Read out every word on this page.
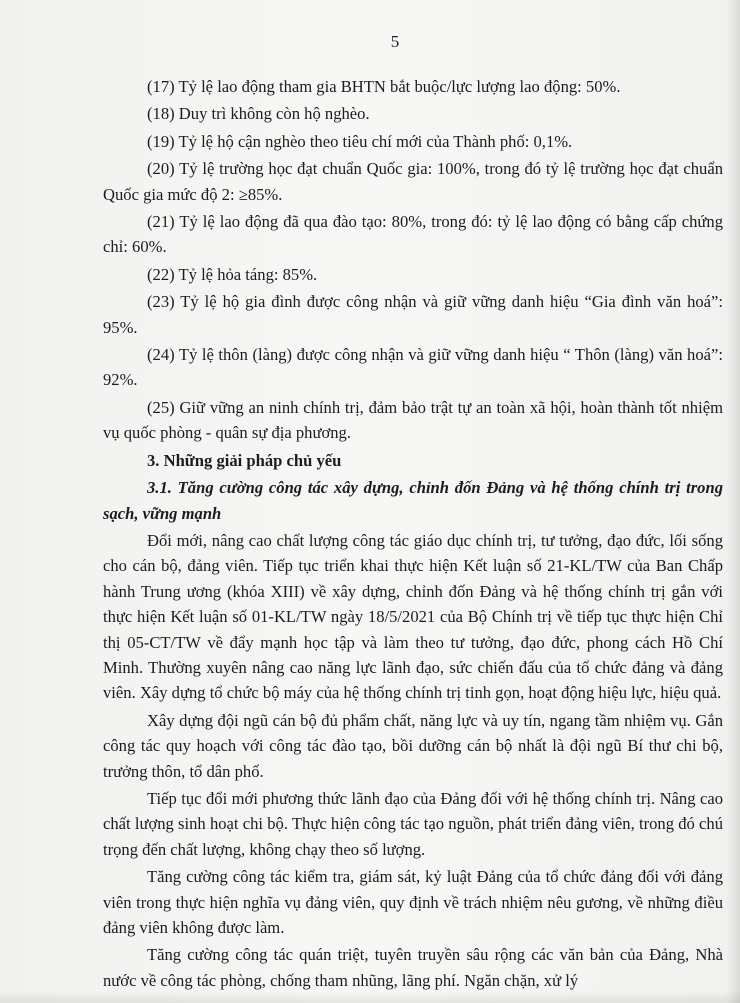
5

(17) Tỷ lệ lao động tham gia BHTN bắt buộc/lực lượng lao động: 50%.

(18) Duy trì không còn hộ nghèo.

(19) Tỷ lệ hộ cận nghèo theo tiêu chí mới của Thành phố: 0,1%.

(20) Tỷ lệ trường học đạt chuẩn Quốc gia: 100%, trong đó tỷ lệ trường học đạt chuẩn Quốc gia mức độ 2: ≥85%.

(21) Tỷ lệ lao động đã qua đào tạo: 80%, trong đó: tỷ lệ lao động có bằng cấp chứng chỉ: 60%.

(22) Tỷ lệ hỏa táng: 85%.

(23) Tỷ lệ hộ gia đình được công nhận và giữ vững danh hiệu “Gia đình văn hoá”: 95%.

(24) Tỷ lệ thôn (làng) được công nhận và giữ vững danh hiệu “ Thôn (làng) văn hoá”: 92%.

(25) Giữ vững an ninh chính trị, đảm bảo trật tự an toàn xã hội, hoàn thành tốt nhiệm vụ quốc phòng - quân sự địa phương.

3. Những giải pháp chủ yếu

3.1. Tăng cường công tác xây dựng, chỉnh đốn Đảng và hệ thống chính trị trong sạch, vững mạnh

Đổi mới, nâng cao chất lượng công tác giáo dục chính trị, tư tưởng, đạo đức, lối sống cho cán bộ, đảng viên. Tiếp tục triển khai thực hiện Kết luận số 21-KL/TW của Ban Chấp hành Trung ương (khóa XIII) về xây dựng, chỉnh đốn Đảng và hệ thống chính trị gắn với thực hiện Kết luận số 01-KL/TW ngày 18/5/2021 của Bộ Chính trị về tiếp tục thực hiện Chỉ thị 05-CT/TW về đẩy mạnh học tập và làm theo tư tưởng, đạo đức, phong cách Hồ Chí Minh. Thường xuyên nâng cao năng lực lãnh đạo, sức chiến đấu của tổ chức đảng và đảng viên. Xây dựng tổ chức bộ máy của hệ thống chính trị tinh gọn, hoạt động hiệu lực, hiệu quả.

Xây dựng đội ngũ cán bộ đủ phẩm chất, năng lực và uy tín, ngang tầm nhiệm vụ. Gắn công tác quy hoạch với công tác đào tạo, bồi dưỡng cán bộ nhất là đội ngũ Bí thư chi bộ, trưởng thôn, tổ dân phố.

Tiếp tục đổi mới phương thức lãnh đạo của Đảng đối với hệ thống chính trị. Nâng cao chất lượng sinh hoạt chi bộ. Thực hiện công tác tạo nguồn, phát triển đảng viên, trong đó chú trọng đến chất lượng, không chạy theo số lượng.

Tăng cường công tác kiểm tra, giám sát, kỷ luật Đảng của tổ chức đảng đối với đảng viên trong thực hiện nghĩa vụ đảng viên, quy định về trách nhiệm nêu gương, về những điều đảng viên không được làm.

Tăng cường công tác quán triệt, tuyên truyền sâu rộng các văn bản của Đảng, Nhà nước về công tác phòng, chống tham nhũng, lãng phí. Ngăn chặn, xử lý
